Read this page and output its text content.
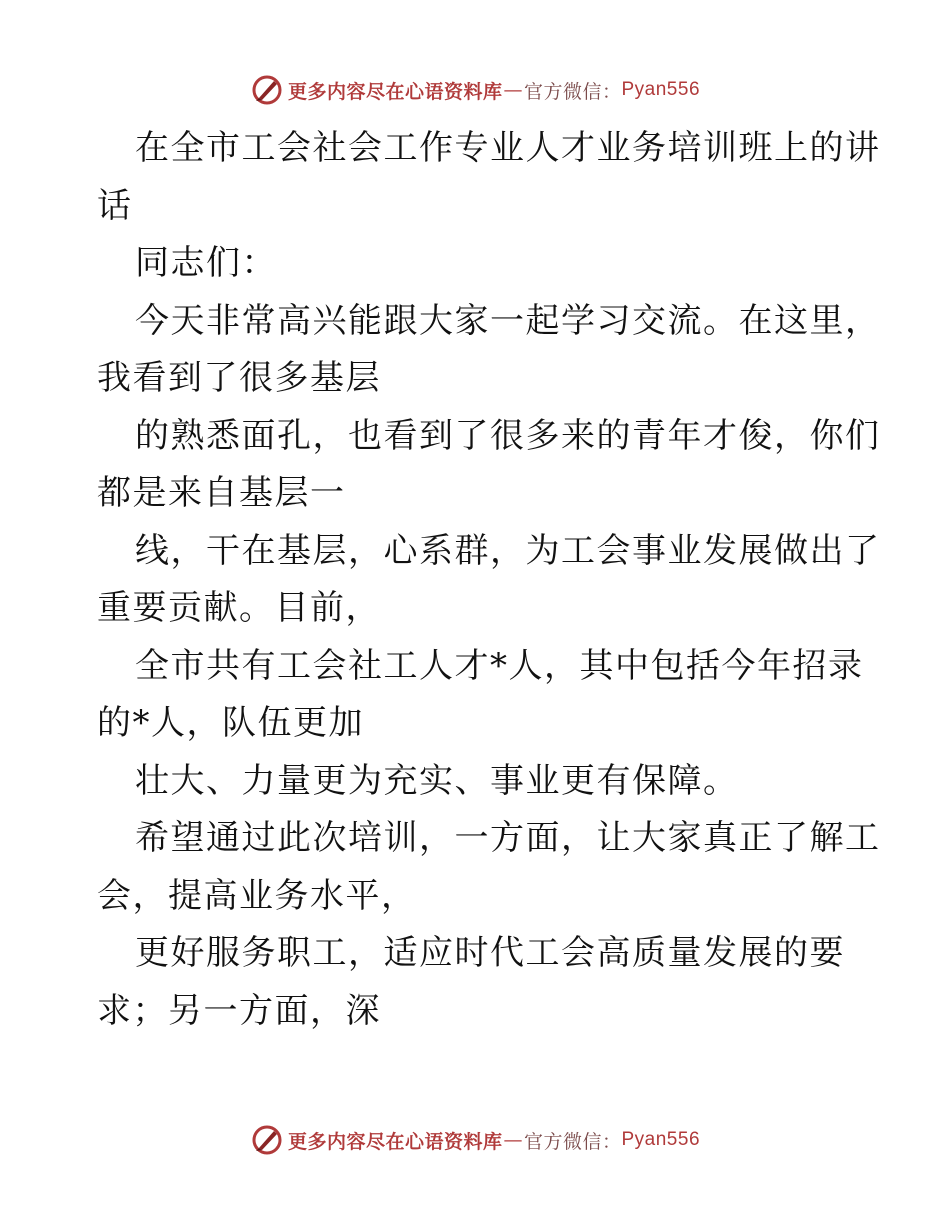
更多内容尽在心语资料库 — 官方微信： Pyan556
在全市工会社会工作专业人才业务培训班上的讲
话
同志们：
今天非常高兴能跟大家一起学习交流。在这里，
我看到了很多基层
的熟悉面孔，也看到了很多来的青年才俊，你们
都是来自基层一
线，干在基层，心系群，为工会事业发展做出了
重要贡献。目前，
全市共有工会社工人才*人，其中包括今年招录
的*人，队伍更加
壮大、力量更为充实、事业更有保障。
希望通过此次培训，一方面，让大家真正了解工
会，提高业务水平，
更好服务职工，适应时代工会高质量发展的要
求；另一方面，深
更多内容尽在心语资料库 — 官方微信： Pyan556
